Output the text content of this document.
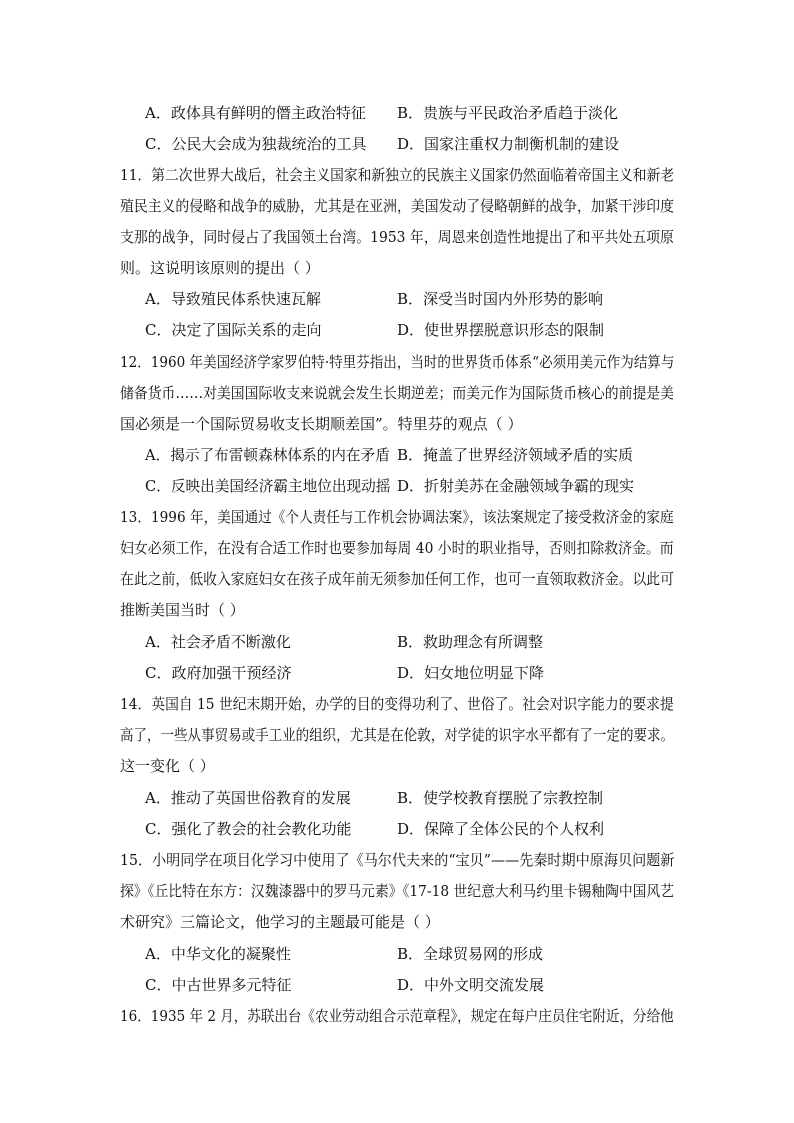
A．政体具有鲜明的僭主政治特征 B．贵族与平民政治矛盾趋于淡化
C．公民大会成为独裁统治的工具 D．国家注重权力制衡机制的建设
11．第二次世界大战后，社会主义国家和新独立的民族主义国家仍然面临着帝国主义和新老
殖民主义的侵略和战争的威胁，尤其是在亚洲，美国发动了侵略朝鲜的战争，加紧干涉印度
支那的战争，同时侵占了我国领土台湾。1953 年，周恩来创造性地提出了和平共处五项原
则。这说明该原则的提出（ ）
A．导致殖民体系快速瓦解	B．深受当时国内外形势的影响
C．决定了国际关系的走向	D．使世界摆脱意识形态的限制
12．1960 年美国经济学家罗伯特·特里芬指出，当时的世界货币体系“必须用美元作为结算与
储备货币……对美国国际收支来说就会发生长期逆差；而美元作为国际货币核心的前提是美
国必须是一个国际贸易收支长期顺差国”。特里芬的观点（ ）
A．揭示了布雷顿森林体系的内在矛盾 B．掩盖了世界经济领域矛盾的实质
C．反映出美国经济霸主地位出现动摇 D．折射美苏在金融领域争霸的现实
13．1996 年，美国通过《个人责任与工作机会协调法案》，该法案规定了接受救济金的家庭
妇女必须工作，在没有合适工作时也要参加每周 40 小时的职业指导，否则扣除救济金。而
在此之前，低收入家庭妇女在孩子成年前无须参加任何工作，也可一直领取救济金。以此可
推断美国当时（ ）
A．社会矛盾不断激化	B．救助理念有所调整
C．政府加强干预经济	D．妇女地位明显下降
14．英国自 15 世纪末期开始，办学的目的变得功利了、世俗了。社会对识字能力的要求提
高了，一些从事贸易或手工业的组织，尤其是在伦敦，对学徒的识字水平都有了一定的要求。
这一变化（ ）
A．推动了英国世俗教育的发展	B．使学校教育摆脱了宗教控制
C．强化了教会的社会教化功能	D．保障了全体公民的个人权利
15．小明同学在项目化学习中使用了《马尔代夫来的“宝贝”——先秦时期中原海贝问题新
探》《丘比特在东方：汉魏漆器中的罗马元素》《17-18 世纪意大利马约里卡锡釉陶中国风艺
术研究》三篇论文，他学习的主题最可能是（ ）
A．中华文化的凝聚性	B．全球贸易网的形成
C．中古世界多元特征	D．中外文明交流发展
16．1935 年 2 月，苏联出台《农业劳动组合示范章程》，规定在每户庄员住宅附近，分给他
